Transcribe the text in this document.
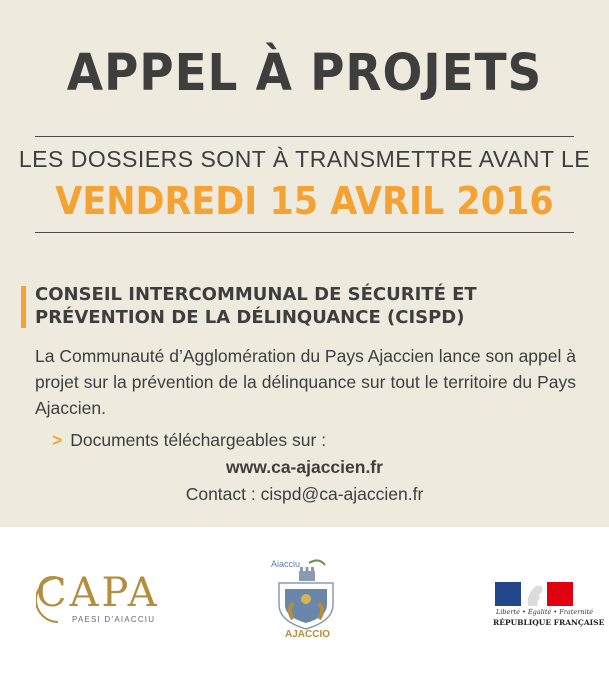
APPEL À PROJETS
LES DOSSIERS SONT À TRANSMETTRE AVANT LE
VENDREDI 15 AVRIL 2016
CONSEIL INTERCOMMUNAL DE SÉCURITÉ ET
PRÉVENTION DE LA DÉLINQUANCE (CISPD)
La Communauté d’Agglomération du Pays Ajaccien lance son appel à projet sur la prévention de la délinquance sur tout le territoire du Pays Ajaccien.
> Documents téléchargeables sur :
www.ca-ajaccien.fr
Contact : cispd@ca-ajaccien.fr
CAPA
PAESI D’AIACCIU
Aiacciu
AJACCIO
Liberté • Égalité • Fraternité
RÉPUBLIQUE FRANÇAISE
